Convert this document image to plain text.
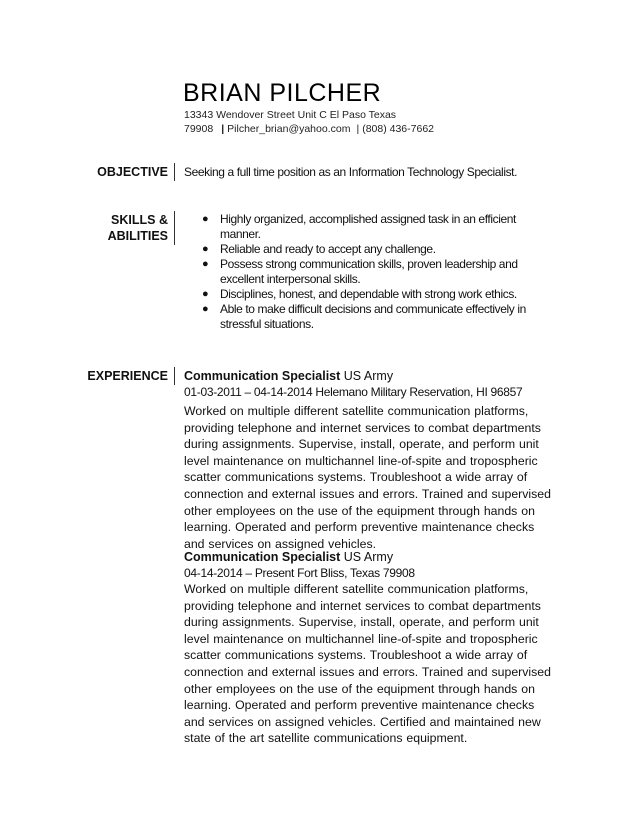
BRIAN PILCHER
13343 Wendover Street Unit C El Paso Texas
79908 | Pilcher_brian@yahoo.com | (808) 436-7662
OBJECTIVE Seeking a full time position as an Information Technology Specialist.
SKILLS &
ABILITIES
● Highly organized, accomplished assigned task in an efficient manner.
● Reliable and ready to accept any challenge.
● Possess strong communication skills, proven leadership and excellent interpersonal skills.
● Disciplines, honest, and dependable with strong work ethics.
● Able to make difficult decisions and communicate effectively in stressful situations.
EXPERIENCE Communication Specialist US Army
01-03-2011 – 04-14-2014 Helemano Military Reservation, HI 96857

Worked on multiple different satellite communication platforms, providing telephone and internet services to combat departments during assignments. Supervise, install, operate, and perform unit level maintenance on multichannel line-of-spite and tropospheric scatter communications systems. Troubleshoot a wide array of connection and external issues and errors. Trained and supervised other employees on the use of the equipment through hands on learning. Operated and perform preventive maintenance checks and services on assigned vehicles.

Communication Specialist US Army
04-14-2014 – Present Fort Bliss, Texas 79908

Worked on multiple different satellite communication platforms, providing telephone and internet services to combat departments during assignments. Supervise, install, operate, and perform unit level maintenance on multichannel line-of-spite and tropospheric scatter communications systems. Troubleshoot a wide array of connection and external issues and errors. Trained and supervised other employees on the use of the equipment through hands on learning. Operated and perform preventive maintenance checks and services on assigned vehicles. Certified and maintained new state of the art satellite communications equipment.
